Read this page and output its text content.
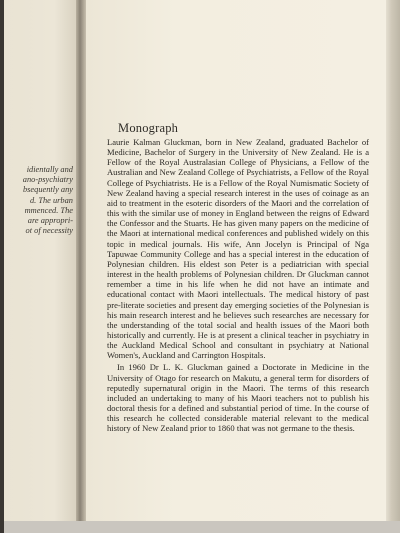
idientally and
ano-psychiatry
bsequently any
d. The urban
mmenced. The
are appropri-
ot of necessity
Monograph

Laurie Kalman Gluckman, born in New Zealand, graduated Bachelor of Medicine, Bachelor of Surgery in the University of New Zealand. He is a Fellow of the Royal Australasian College of Physicians, a Fellow of the Australian and New Zealand College of Psychiatrists, a Fellow of the Royal College of Psychiatrists. He is a Fellow of the Royal Numismatic Society of New Zealand having a special research interest in the uses of coinage as an aid to treatment in the esoteric disorders of the Maori and the correlation of this with the similar use of money in England between the reigns of Edward the Confessor and the Stuarts. He has given many papers on the medicine of the Maori at international medical conferences and published widely on this topic in medical journals. His wife, Ann Jocelyn is Principal of Nga Tapuwae Community College and has a special interest in the education of Polynesian children. His eldest son Peter is a pediatrician with special interest in the health problems of Polynesian children. Dr Gluckman cannot remember a time in his life when he did not have an intimate and educational contact with Maori intellectuals. The medical history of past pre-literate societies and present day emerging societies of the Polynesian is his main research interest and he believes such researches are necessary for the understanding of the total social and health issues of the Maori both historically and currently. He is at present a clinical teacher in psychiatry in the Auckland Medical School and consultant in psychiatry at National Women's, Auckland and Carrington Hospitals.

In 1960 Dr L. K. Gluckman gained a Doctorate in Medicine in the University of Otago for research on Makutu, a general term for disorders of reputedly supernatural origin in the Maori. The terms of this research included an undertaking to many of his Maori teachers not to publish his doctoral thesis for a defined and substantial period of time. In the course of this research he collected considerable material relevant to the medical history of New Zealand prior to 1860 that was not germane to the thesis.
